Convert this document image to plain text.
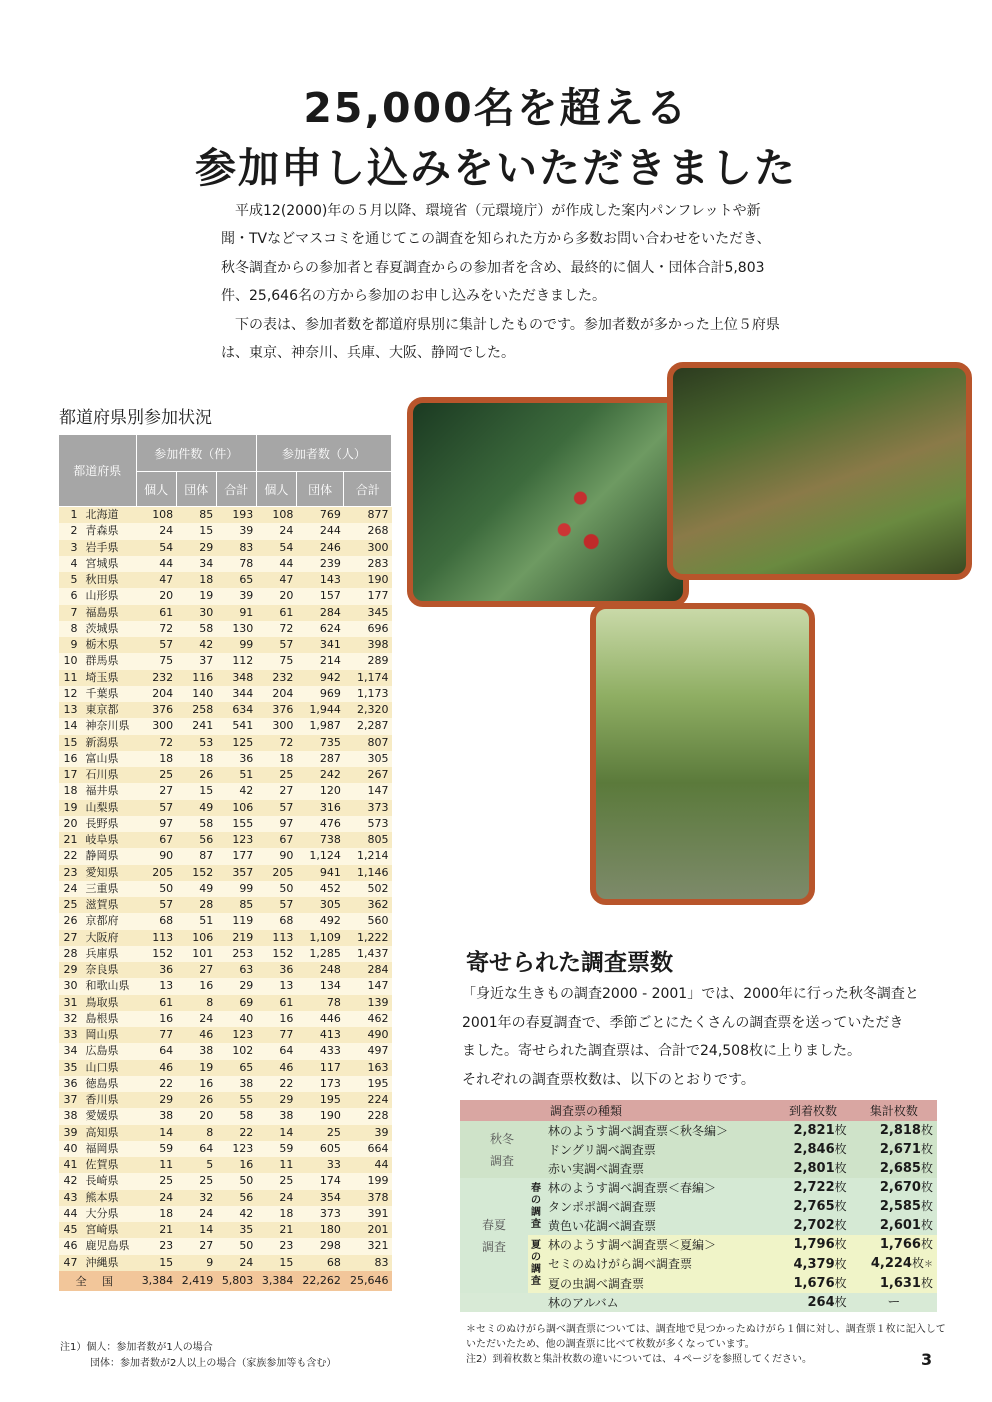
25,000名を超える
参加申し込みをいただきました

平成12(2000)年の５月以降、環境省（元環境庁）が作成した案内パンフレットや新聞・TVなどマスコミを通じてこの調査を知られた方から多数お問い合わせをいただき、秋冬調査からの参加者と春夏調査からの参加者を含め、最終的に個人・団体合計5,803件、25,646名の方から参加のお申し込みをいただきました。

下の表は、参加者数を都道府県別に集計したものです。参加者数が多かった上位５府県は、東京、神奈川、兵庫、大阪、静岡でした。

都道府県別参加状況
都道府県		参加件数（件）			参加者数（人）		
		個人	団体	合計	個人	団体	合計
1	北海道	108	85	193	108	769	877
2	青森県	24	15	39	24	244	268
3	岩手県	54	29	83	54	246	300
4	宮城県	44	34	78	44	239	283
5	秋田県	47	18	65	47	143	190
6	山形県	20	19	39	20	157	177
7	福島県	61	30	91	61	284	345
8	茨城県	72	58	130	72	624	696
9	栃木県	57	42	99	57	341	398
10	群馬県	75	37	112	75	214	289
11	埼玉県	232	116	348	232	942	1,174
12	千葉県	204	140	344	204	969	1,173
13	東京都	376	258	634	376	1,944	2,320
14	神奈川県	300	241	541	300	1,987	2,287
15	新潟県	72	53	125	72	735	807
16	富山県	18	18	36	18	287	305
17	石川県	25	26	51	25	242	267
18	福井県	27	15	42	27	120	147
19	山梨県	57	49	106	57	316	373
20	長野県	97	58	155	97	476	573
21	岐阜県	67	56	123	67	738	805
22	静岡県	90	87	177	90	1,124	1,214
23	愛知県	205	152	357	205	941	1,146
24	三重県	50	49	99	50	452	502
25	滋賀県	57	28	85	57	305	362
26	京都府	68	51	119	68	492	560
27	大阪府	113	106	219	113	1,109	1,222
28	兵庫県	152	101	253	152	1,285	1,437
29	奈良県	36	27	63	36	248	284
30	和歌山県	13	16	29	13	134	147
31	鳥取県	61	8	69	61	78	139
32	島根県	16	24	40	16	446	462
33	岡山県	77	46	123	77	413	490
34	広島県	64	38	102	64	433	497
35	山口県	46	19	65	46	117	163
36	徳島県	22	16	38	22	173	195
37	香川県	29	26	55	29	195	224
38	愛媛県	38	20	58	38	190	228
39	高知県	14	8	22	14	25	39
40	福岡県	59	64	123	59	605	664
41	佐賀県	11	5	16	11	33	44
42	長崎県	25	25	50	25	174	199
43	熊本県	24	32	56	24	354	378
44	大分県	18	24	42	18	373	391
45	宮崎県	21	14	35	21	180	201
46	鹿児島県	23	27	50	23	298	321
47	沖縄県	15	9	24	15	68	83
全 国		3,384	2,419	5,803	3,384	22,262	25,646
注1）個人：参加者数が1人の場合
団体：参加者数が2人以上の場合（家族参加等も含む）
寄せられた調査票数

「身近な生きもの調査2000 - 2001」では、2000年に行った秋冬調査と

2001年の春夏調査で、季節ごとにたくさんの調査票を送っていただき

ました。寄せられた調査票は、合計で24,508枚に上りました。

それぞれの調査票枚数は、以下のとおりです。

		調査票の種類	到着枚数	集計枚数
秋冬
調査		林のようす調べ調査票＜秋冬編＞	2,821枚	2,818枚
		ドングリ調べ調査票	2,846枚	2,671枚
		赤い実調べ調査票	2,801枚	2,685枚
春夏
調査	春
の
調
査	林のようす調べ調査票＜春編＞	2,722枚	2,670枚
		タンポポ調べ調査票	2,765枚	2,585枚
		黄色い花調べ調査票	2,702枚	2,601枚
	夏
の
調
査	林のようす調べ調査票＜夏編＞	1,796枚	1,766枚
		セミのぬけがら調べ調査票	4,379枚	4,224枚＊
		夏の虫調べ調査票	1,676枚	1,631枚
		林のアルバム	264枚	ー

＊セミのぬけがら調べ調査票については、調査地で見つかったぬけがら１個に対し、調査票１枚に記入していただいたため、他の調査票に比べて枚数が多くなっています。

注2）到着枚数と集計枚数の違いについては、４ページを参照してください。	3
